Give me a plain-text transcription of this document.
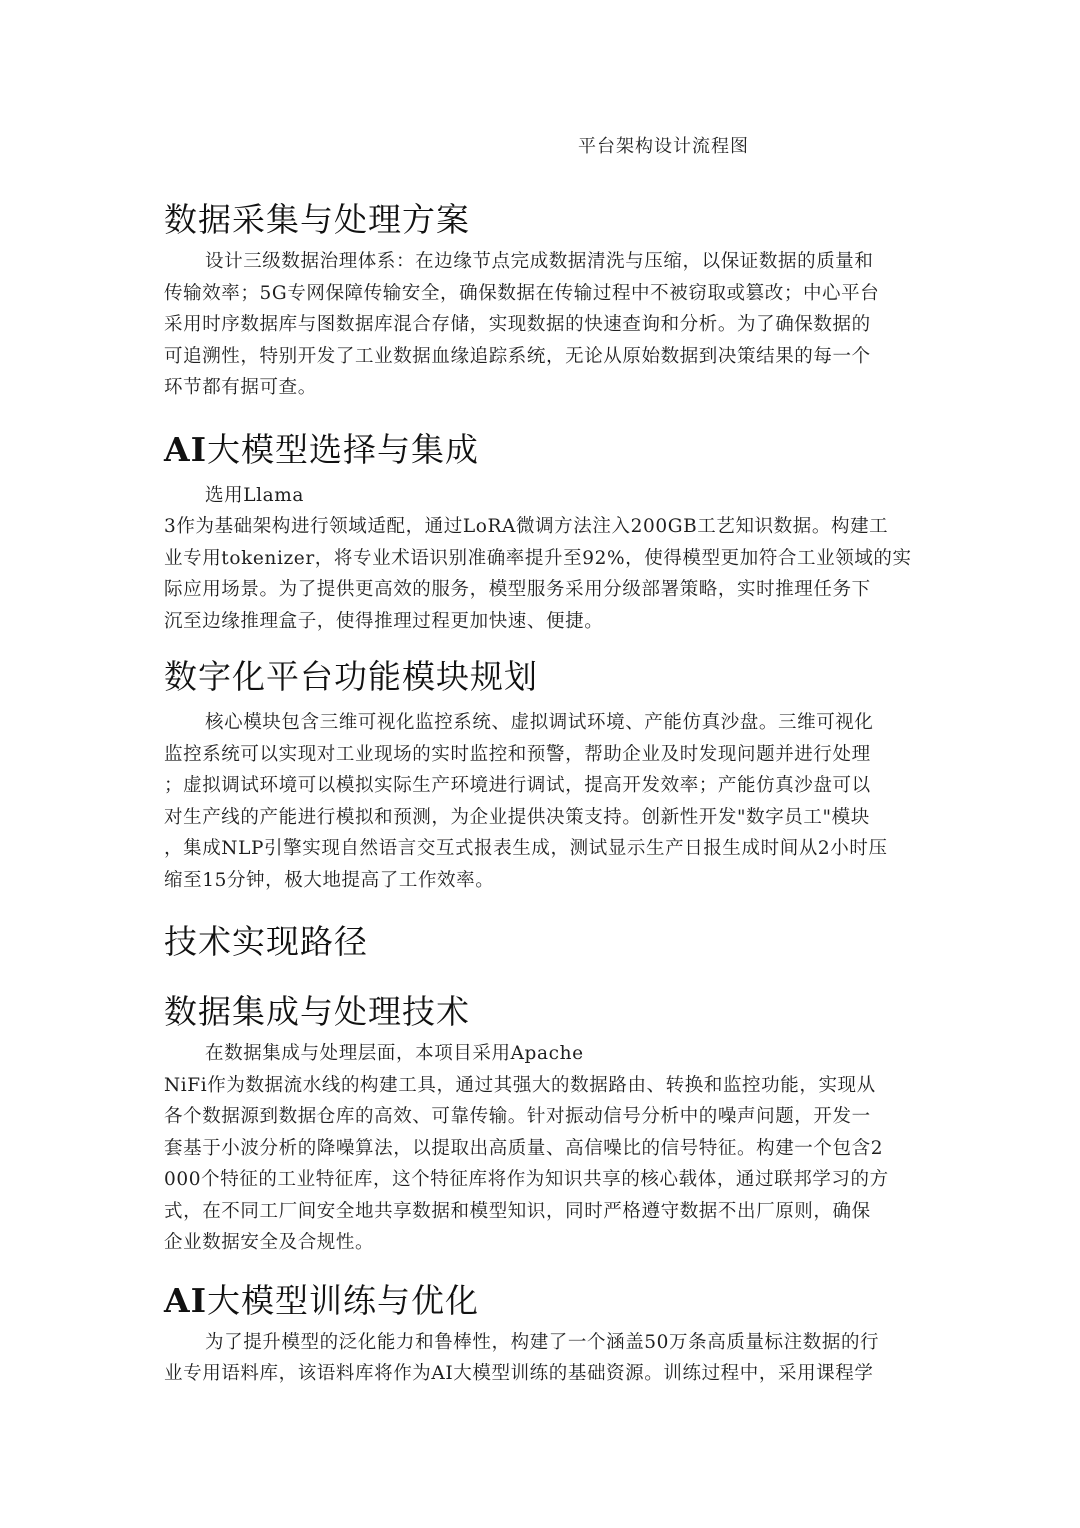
平台架构设计流程图
数据采集与处理方案
设计三级数据治理体系：在边缘节点完成数据清洗与压缩，以保证数据的质量和
传输效率；5G专网保障传输安全，确保数据在传输过程中不被窃取或篡改；中心平台
采用时序数据库与图数据库混合存储，实现数据的快速查询和分析。为了确保数据的
可追溯性，特别开发了工业数据血缘追踪系统，无论从原始数据到决策结果的每一个
环节都有据可查。
AI大模型选择与集成
选用Llama
3作为基础架构进行领域适配，通过LoRA微调方法注入200GB工艺知识数据。构建工
业专用tokenizer，将专业术语识别准确率提升至92%，使得模型更加符合工业领域的实
际应用场景。为了提供更高效的服务，模型服务采用分级部署策略，实时推理任务下
沉至边缘推理盒子，使得推理过程更加快速、便捷。
数字化平台功能模块规划
核心模块包含三维可视化监控系统、虚拟调试环境、产能仿真沙盘。三维可视化
监控系统可以实现对工业现场的实时监控和预警，帮助企业及时发现问题并进行处理
；虚拟调试环境可以模拟实际生产环境进行调试，提高开发效率；产能仿真沙盘可以
对生产线的产能进行模拟和预测，为企业提供决策支持。创新性开发"数字员工"模块
，集成NLP引擎实现自然语言交互式报表生成，测试显示生产日报生成时间从2小时压
缩至15分钟，极大地提高了工作效率。
技术实现路径
数据集成与处理技术
在数据集成与处理层面，本项目采用Apache
NiFi作为数据流水线的构建工具，通过其强大的数据路由、转换和监控功能，实现从
各个数据源到数据仓库的高效、可靠传输。针对振动信号分析中的噪声问题，开发一
套基于小波分析的降噪算法，以提取出高质量、高信噪比的信号特征。构建一个包含2
000个特征的工业特征库，这个特征库将作为知识共享的核心载体，通过联邦学习的方
式，在不同工厂间安全地共享数据和模型知识，同时严格遵守数据不出厂原则，确保
企业数据安全及合规性。
AI大模型训练与优化
为了提升模型的泛化能力和鲁棒性，构建了一个涵盖50万条高质量标注数据的行
业专用语料库，该语料库将作为AI大模型训练的基础资源。训练过程中，采用课程学
